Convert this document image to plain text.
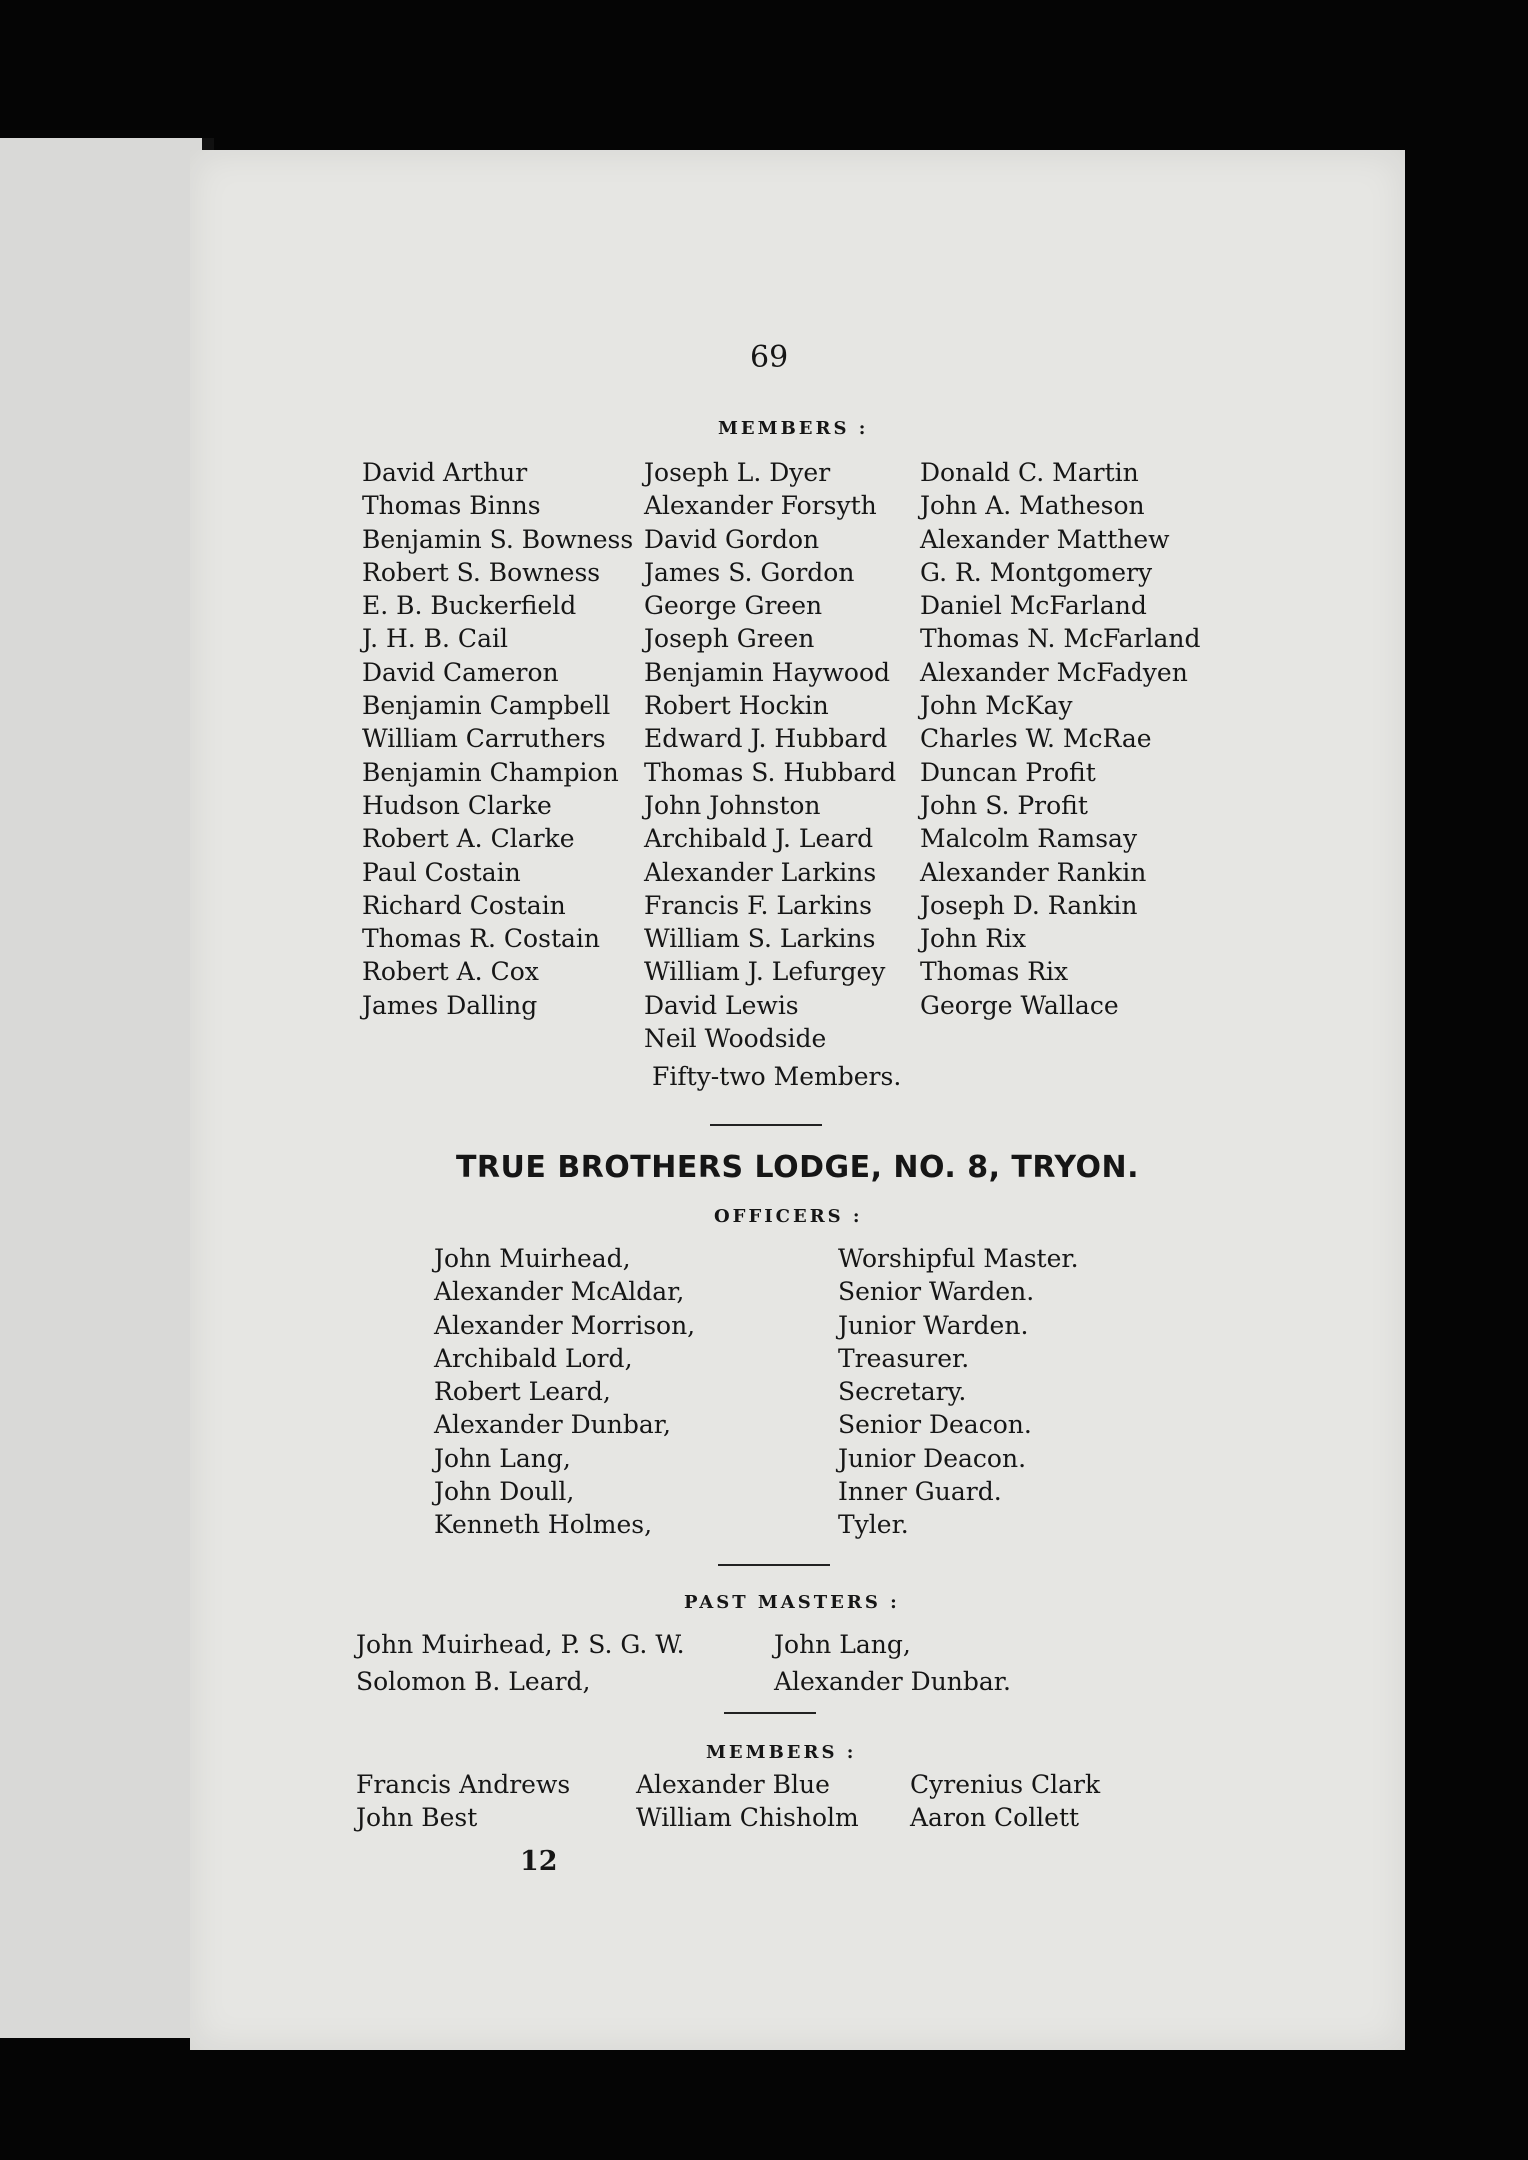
69
MEMBERS :
David Arthur
Thomas Binns
Benjamin S. Bowness
Robert S. Bowness
E. B. Buckerfield
J. H. B. Cail
David Cameron
Benjamin Campbell
William Carruthers
Benjamin Champion
Hudson Clarke
Robert A. Clarke
Paul Costain
Richard Costain
Thomas R. Costain
Robert A. Cox
James Dalling
Joseph L. Dyer
Alexander Forsyth
David Gordon
James S. Gordon
George Green
Joseph Green
Benjamin Haywood
Robert Hockin
Edward J. Hubbard
Thomas S. Hubbard
John Johnston
Archibald J. Leard
Alexander Larkins
Francis F. Larkins
William S. Larkins
William J. Lefurgey
David Lewis
Neil Woodside
Donald C. Martin
John A. Matheson
Alexander Matthew
G. R. Montgomery
Daniel McFarland
Thomas N. McFarland
Alexander McFadyen
John McKay
Charles W. McRae
Duncan Profit
John S. Profit
Malcolm Ramsay
Alexander Rankin
Joseph D. Rankin
John Rix
Thomas Rix
George Wallace
Fifty-two Members.
TRUE BROTHERS LODGE, NO. 8, TRYON.
OFFICERS :
John Muirhead,
Alexander McAldar,
Alexander Morrison,
Archibald Lord,
Robert Leard,
Alexander Dunbar,
John Lang,
John Doull,
Kenneth Holmes,
Worshipful Master.
Senior Warden.
Junior Warden.
Treasurer.
Secretary.
Senior Deacon.
Junior Deacon.
Inner Guard.
Tyler.
PAST MASTERS :
John Muirhead, P. S. G. W.
Solomon B. Leard,
John Lang,
Alexander Dunbar.
MEMBERS :
Francis Andrews
John Best
Alexander Blue
William Chisholm
Cyrenius Clark
Aaron Collett
12
